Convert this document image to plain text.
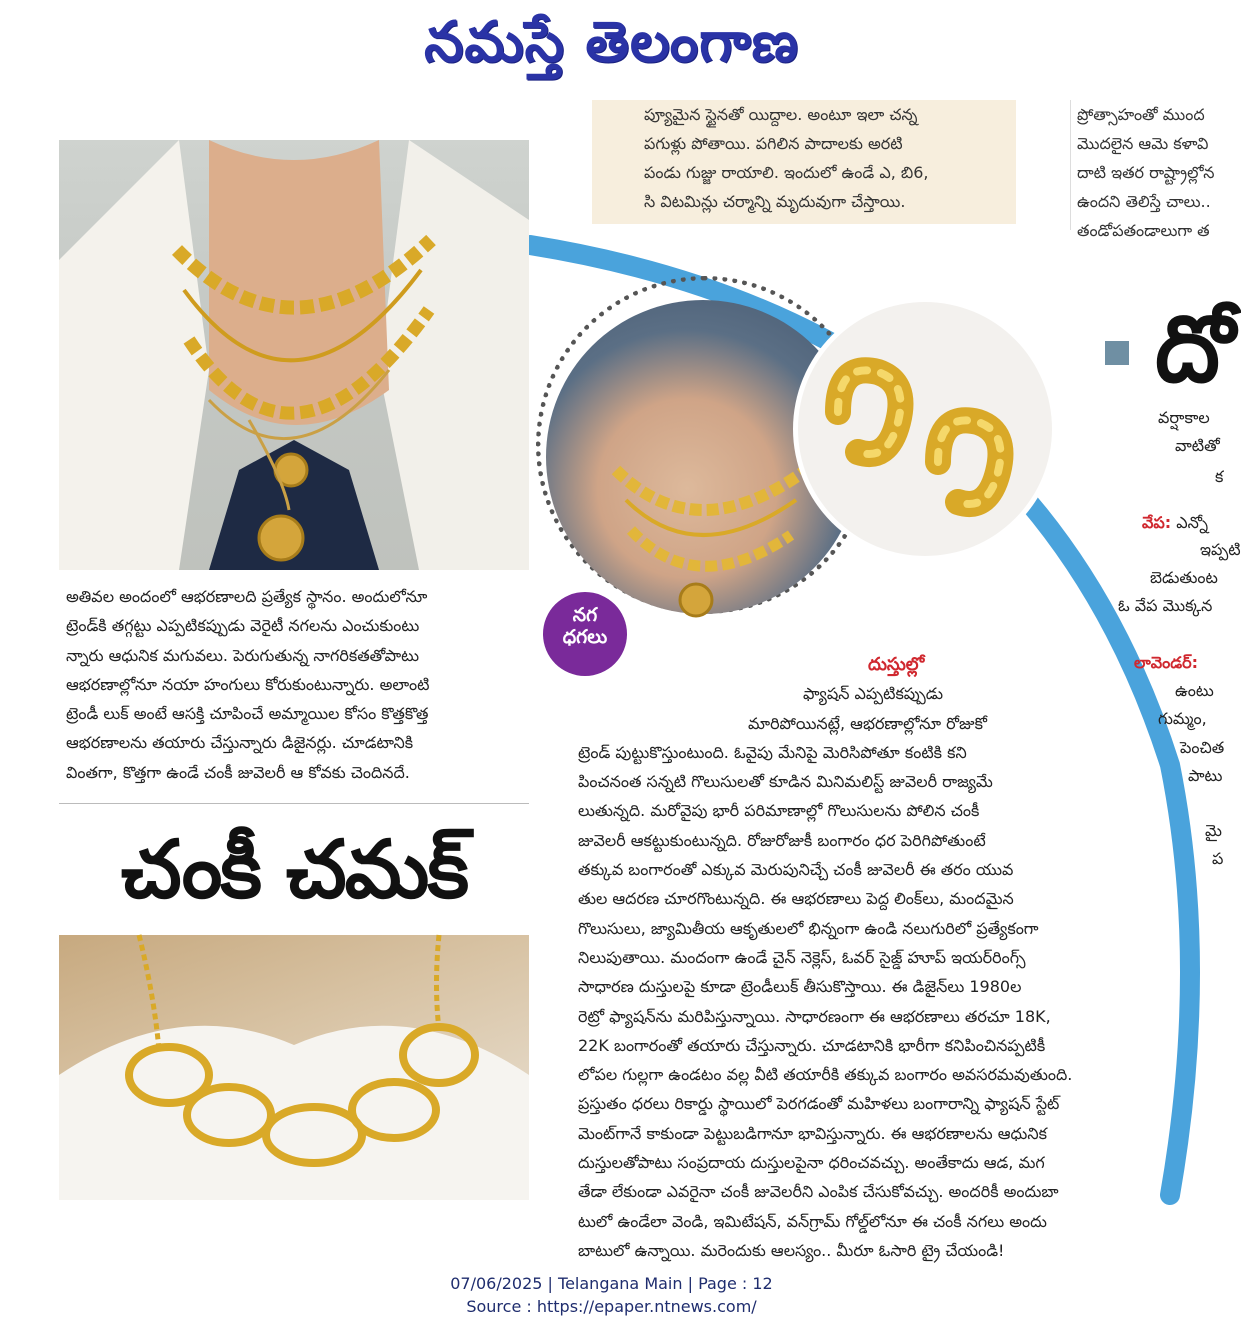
నమస్తే తెలంగాణ
ప్యూమైన స్టైనతో యిద్దాల. అంటూ ఇలా చన్న
పగుళ్లు పోతాయి. పగిలిన పాదాలకు అరటి
పండు గుజ్జు రాయాలి. ఇందులో ఉండే ఎ, బి6,
సి విటమిన్లు చర్మాన్ని మృదువుగా చేస్తాయి.
ప్రోత్సాహంతో ముంద
మొదలైన ఆమె కళావి
దాటి ఇతర రాష్ట్రాల్లోన
ఉందని తెలిస్తే చాలు..
తండోపతండాలుగా త
నగ
ధగలు
అతివల అందంలో ఆభరణాలది ప్రత్యేక స్థానం. అందులోనూ
ట్రెండ్‌కి తగ్గట్టు ఎప్పటికప్పుడు వెరైటీ నగలను ఎంచుకుంటు
న్నారు ఆధునిక మగువలు. పెరుగుతున్న నాగరికతతోపాటు
ఆభరణాల్లోనూ నయా హంగులు కోరుకుంటున్నారు. అలాంటి
ట్రెండీ లుక్ అంటే ఆసక్తి చూపించే అమ్మాయిల కోసం కొత్తకొత్త
ఆభరణాలను తయారు చేస్తున్నారు డిజైనర్లు. చూడటానికి
వింతగా, కొత్తగా ఉండే చంకీ జువెలరీ ఆ కోవకు చెందినదే.
చంకీ చమక్
దుస్తుల్లో
ఫ్యాషన్ ఎప్పటికప్పుడు
మారిపోయినట్లే, ఆభరణాల్లోనూ రోజుకో
ట్రెండ్ పుట్టుకొస్తుంటుంది. ఓవైపు మేనిపై మెరిసిపోతూ కంటికి కని
పించనంత సన్నటి గొలుసులతో కూడిన మినిమలిస్ట్ జువెలరీ రాజ్యమే
లుతున్నది. మరోవైపు భారీ పరిమాణాల్లో గొలుసులను పోలిన చంకీ
జువెలరీ ఆకట్టుకుంటున్నది. రోజురోజుకీ బంగారం ధర పెరిగిపోతుంటే
తక్కువ బంగారంతో ఎక్కువ మెరుపునిచ్చే చంకీ జువెలరీ ఈ తరం యువ
తుల ఆదరణ చూరగొంటున్నది. ఈ ఆభరణాలు పెద్ద లింక్‌లు, మందమైన
గొలుసులు, జ్యామితీయ ఆకృతులలో భిన్నంగా ఉండి నలుగురిలో ప్రత్యేకంగా
నిలుపుతాయి. మందంగా ఉండే చైన్ నెక్లెస్, ఓవర్ సైజ్డ్ హూప్ ఇయర్‌రింగ్స్
సాధారణ దుస్తులపై కూడా ట్రెండీలుక్ తీసుకొస్తాయి. ఈ డిజైన్‌లు 1980ల
రెట్రో ఫ్యాషన్‌ను మరిపిస్తున్నాయి. సాధారణంగా ఈ ఆభరణాలు తరచూ 18K,
22K బంగారంతో తయారు చేస్తున్నారు. చూడటానికి భారీగా కనిపించినప్పటికీ
లోపల గుల్లగా ఉండటం వల్ల వీటి తయారీకి తక్కువ బంగారం అవసరమవుతుంది.
ప్రస్తుతం ధరలు రికార్డు స్థాయిలో పెరగడంతో మహిళలు బంగారాన్ని ఫ్యాషన్ స్టేట్
మెంట్‌గానే కాకుండా పెట్టుబడిగానూ భావిస్తున్నారు. ఈ ఆభరణాలను ఆధునిక
దుస్తులతోపాటు సంప్రదాయ దుస్తులపైనా ధరించవచ్చు. అంతేకాదు ఆడ, మగ
తేడా లేకుండా ఎవరైనా చంకీ జువెలరీని ఎంపిక చేసుకోవచ్చు. అందరికీ అందుబా
టులో ఉండేలా వెండి, ఇమిటేషన్, వన్‌గ్రామ్ గోల్డ్‌లోనూ ఈ చంకీ నగలు అందు
బాటులో ఉన్నాయి. మరెందుకు ఆలస్యం.. మీరూ ఓసారి ట్రై చేయండి!
దో
వర్షాకాల
వాటితో
క
వేప: ఎన్నో
ఇప్పటి
బెడుతుంట
ఓ వేప మొక్కన
లావెండర్:
ఉంటు
గుమ్మం,
పెంచిత
పాటు
మై
ప
07/06/2025 | Telangana Main | Page : 12
Source : https://epaper.ntnews.com/
